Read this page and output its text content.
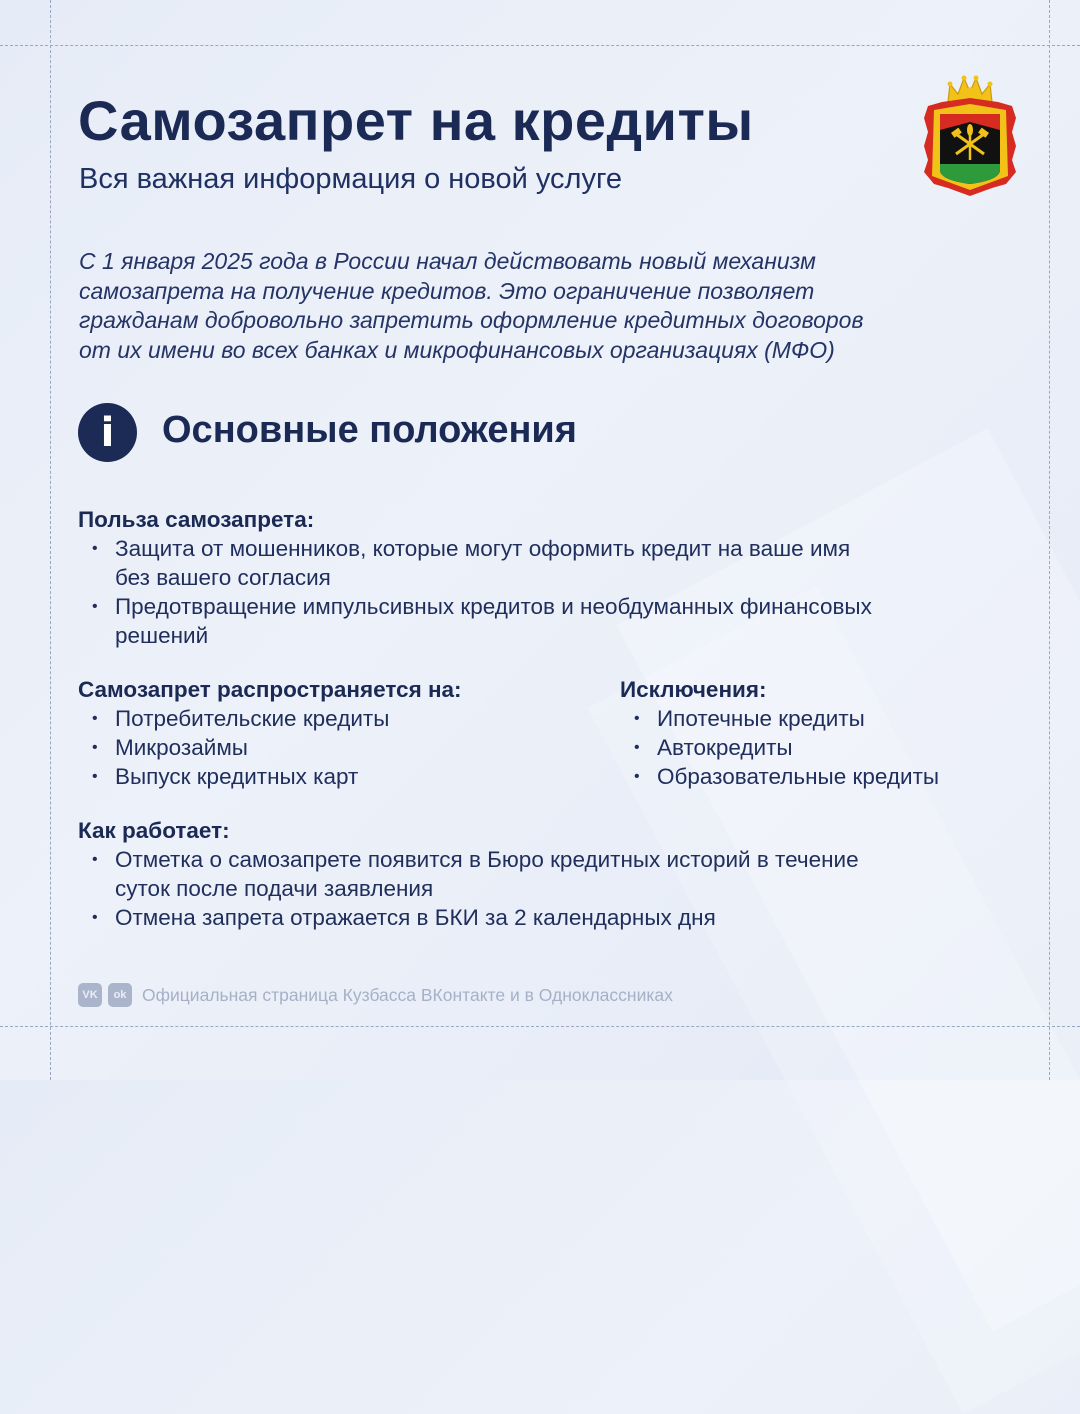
Самозапрет на кредиты

Вся важная информация о новой услуге

С 1 января 2025 года в России начал действовать новый механизм
самозапрета на получение кредитов. Это ограничение позволяет
гражданам добровольно запретить оформление кредитных договоров
от их имени во всех банках и микрофинансовых организациях (МФО)
i	Основные положения
Польза самозапрета:
• Защита от мошенников, которые могут оформить кредит на ваше имя
без вашего согласия
• Предотвращение импульсивных кредитов и необдуманных финансовых
решений
Самозапрет распространяется на:
• Потребительские кредиты
• Микрозаймы
• Выпуск кредитных карт
Исключения:
• Ипотечные кредиты
• Автокредиты
• Образовательные кредиты
Как работает:
• Отметка о самозапрете появится в Бюро кредитных историй в течение
суток после подачи заявления
• Отмена запрета отражается в БКИ за 2 календарных дня
VK	ok Официальная страница Кузбасса ВКонтакте и в Одноклассниках
